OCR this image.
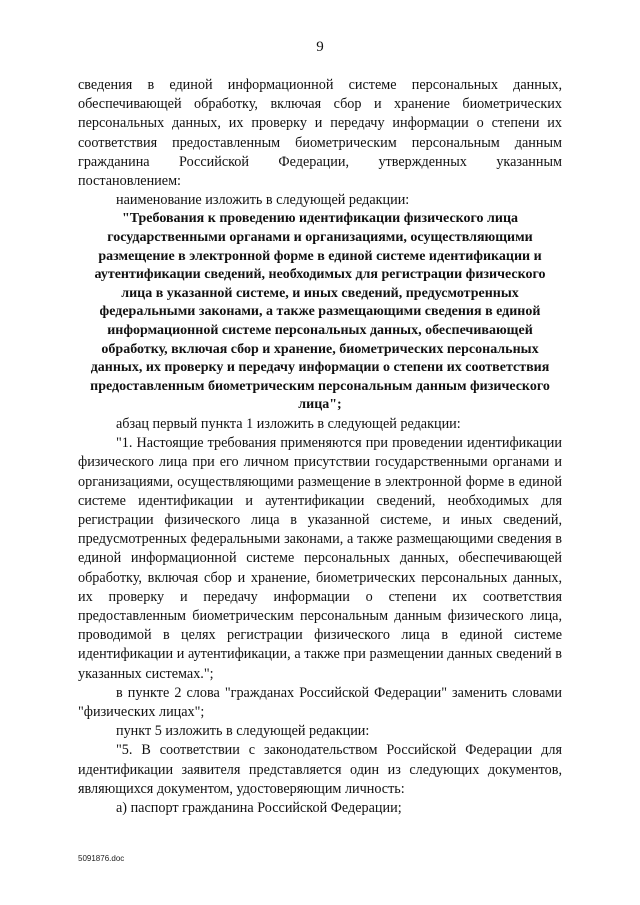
9

сведения в единой информационной системе персональных данных, обеспечивающей обработку, включая сбор и хранение биометрических персональных данных, их проверку и передачу информации о степени их соответствия предоставленным биометрическим персональным данным гражданина Российской Федерации, утвержденных указанным постановлением:

наименование изложить в следующей редакции:

"Требования к проведению идентификации физического лица государственными органами и организациями, осуществляющими размещение в электронной форме в единой системе идентификации и аутентификации сведений, необходимых для регистрации физического лица в указанной системе, и иных сведений, предусмотренных федеральными законами, а также размещающими сведения в единой информационной системе персональных данных, обеспечивающей обработку, включая сбор и хранение, биометрических персональных данных, их проверку и передачу информации о степени их соответствия предоставленным биометрическим персональным данным физического лица";

абзац первый пункта 1 изложить в следующей редакции:

"1. Настоящие требования применяются при проведении идентификации физического лица при его личном присутствии государственными органами и организациями, осуществляющими размещение в электронной форме в единой системе идентификации и аутентификации сведений, необходимых для регистрации физического лица в указанной системе, и иных сведений, предусмотренных федеральными законами, а также размещающими сведения в единой информационной системе персональных данных, обеспечивающей обработку, включая сбор и хранение, биометрических персональных данных, их проверку и передачу информации о степени их соответствия предоставленным биометрическим персональным данным физического лица, проводимой в целях регистрации физического лица в единой системе идентификации и аутентификации, а также при размещении данных сведений в указанных системах.";

в пункте 2 слова "гражданах Российской Федерации" заменить словами "физических лицах";

пункт 5 изложить в следующей редакции:

"5. В соответствии с законодательством Российской Федерации для идентификации заявителя представляется один из следующих документов, являющихся документом, удостоверяющим личность:

а) паспорт гражданина Российской Федерации;

5091876.doc
